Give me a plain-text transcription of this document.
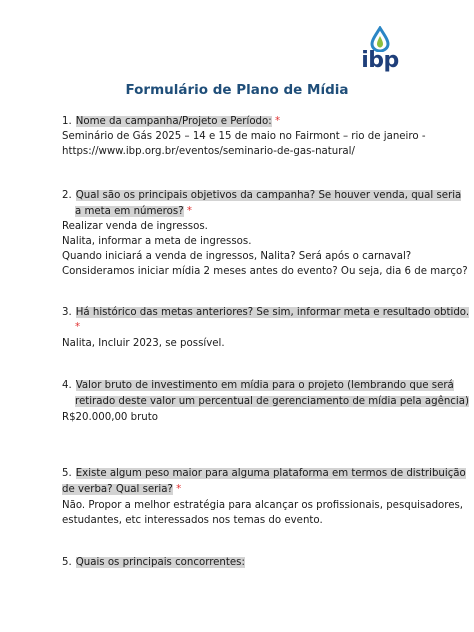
ibp
Formulário de Plano de Mídia
1. Nome da campanha/Projeto e Período: *
Seminário de Gás 2025 – 14 e 15 de maio no Fairmont – rio de janeiro -
https://www.ibp.org.br/eventos/seminario-de-gas-natural/
2. Qual são os principais objetivos da campanha? Se houver venda, qual seria
a meta em números? *
Realizar venda de ingressos.
Nalita, informar a meta de ingressos.
Quando iniciará a venda de ingressos, Nalita? Será após o carnaval?
Consideramos iniciar mídia 2 meses antes do evento? Ou seja, dia 6 de março?
3. Há histórico das metas anteriores? Se sim, informar meta e resultado obtido.
*
Nalita, Incluir 2023, se possível.
4. Valor bruto de investimento em mídia para o projeto (lembrando que será
retirado deste valor um percentual de gerenciamento de mídia pela agência)
R$20.000,00 bruto
5. Existe algum peso maior para alguma plataforma em termos de distribuição
de verba? Qual seria? *
Não. Propor a melhor estratégia para alcançar os profissionais, pesquisadores,
estudantes, etc interessados nos temas do evento.
5. Quais os principais concorrentes:
